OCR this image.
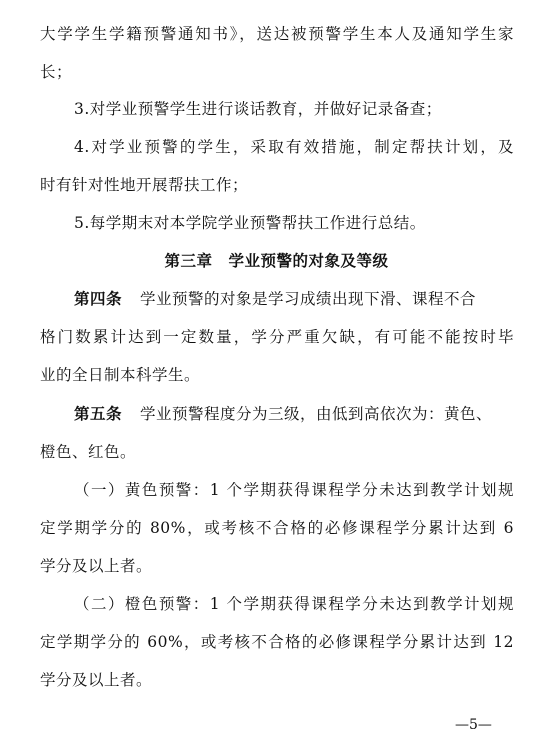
大学学生学籍预警通知书》，送达被预警学生本人及通知学生家
长；
3.对学业预警学生进行谈话教育，并做好记录备查；
4.对学业预警的学生，采取有效措施，制定帮扶计划，及
时有针对性地开展帮扶工作；
5.每学期末对本学院学业预警帮扶工作进行总结。
第三章　学业预警的对象及等级
第四条 学业预警的对象是学习成绩出现下滑、课程不合
格门数累计达到一定数量，学分严重欠缺，有可能不能按时毕
业的全日制本科学生。
第五条 学业预警程度分为三级，由低到高依次为：黄色、
橙色、红色。
（一）黄色预警：1 个学期获得课程学分未达到教学计划规
定学期学分的 80%，或考核不合格的必修课程学分累计达到 6
学分及以上者。
（二）橙色预警：1 个学期获得课程学分未达到教学计划规
定学期学分的 60%，或考核不合格的必修课程学分累计达到 12
学分及以上者。
—5—
